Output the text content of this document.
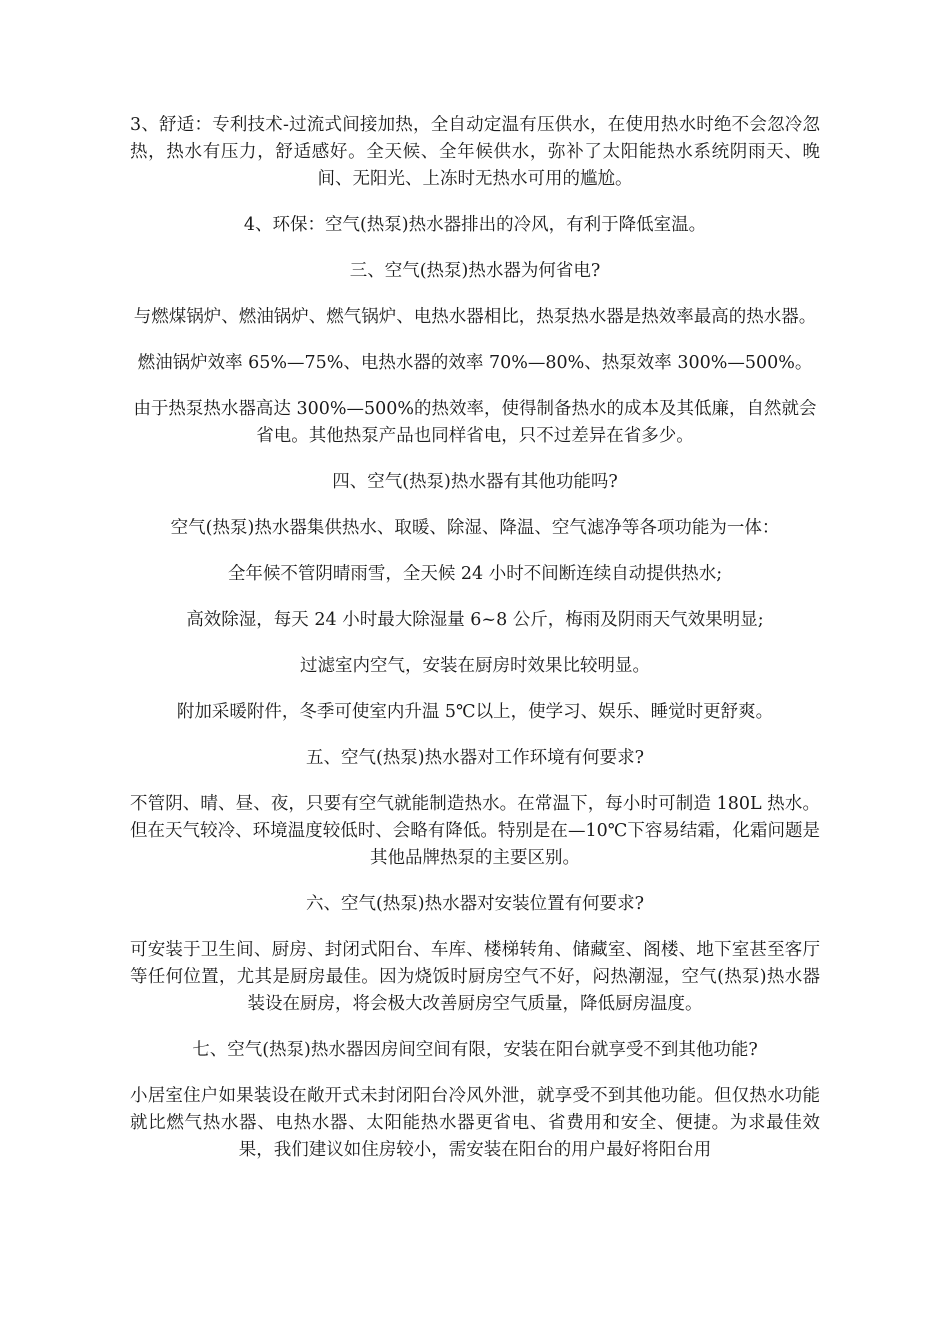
3、舒适：专利技术-过流式间接加热，全自动定温有压供水，在使用热水时绝不会忽冷忽热，热水有压力，舒适感好。全天候、全年候供水，弥补了太阳能热水系统阴雨天、晚间、无阳光、上冻时无热水可用的尴尬。

4、环保：空气(热泵)热水器排出的冷风，有利于降低室温。

三、空气(热泵)热水器为何省电?

与燃煤锅炉、燃油锅炉、燃气锅炉、电热水器相比，热泵热水器是热效率最高的热水器。

燃油锅炉效率 65%—75%、电热水器的效率 70%—80%、热泵效率 300%—500%。

由于热泵热水器高达 300%—500%的热效率，使得制备热水的成本及其低廉，自然就会省电。其他热泵产品也同样省电，只不过差异在省多少。

四、空气(热泵)热水器有其他功能吗?

空气(热泵)热水器集供热水、取暖、除湿、降温、空气滤净等各项功能为一体：

全年候不管阴晴雨雪，全天候 24 小时不间断连续自动提供热水;

高效除湿，每天 24 小时最大除湿量 6~8 公斤，梅雨及阴雨天气效果明显;

过滤室内空气，安装在厨房时效果比较明显。

附加采暖附件，冬季可使室内升温 5℃以上，使学习、娱乐、睡觉时更舒爽。

五、空气(热泵)热水器对工作环境有何要求?

不管阴、晴、昼、夜，只要有空气就能制造热水。在常温下，每小时可制造 180L 热水。但在天气较冷、环境温度较低时、会略有降低。特别是在—10℃下容易结霜，化霜问题是其他品牌热泵的主要区别。

六、空气(热泵)热水器对安装位置有何要求?

可安装于卫生间、厨房、封闭式阳台、车库、楼梯转角、储藏室、阁楼、地下室甚至客厅等任何位置，尤其是厨房最佳。因为烧饭时厨房空气不好，闷热潮湿，空气(热泵)热水器装设在厨房，将会极大改善厨房空气质量，降低厨房温度。

七、空气(热泵)热水器因房间空间有限，安装在阳台就享受不到其他功能?

小居室住户如果装设在敞开式未封闭阳台冷风外泄，就享受不到其他功能。但仅热水功能就比燃气热水器、电热水器、太阳能热水器更省电、省费用和安全、便捷。为求最佳效果，我们建议如住房较小，需安装在阳台的用户最好将阳台用
